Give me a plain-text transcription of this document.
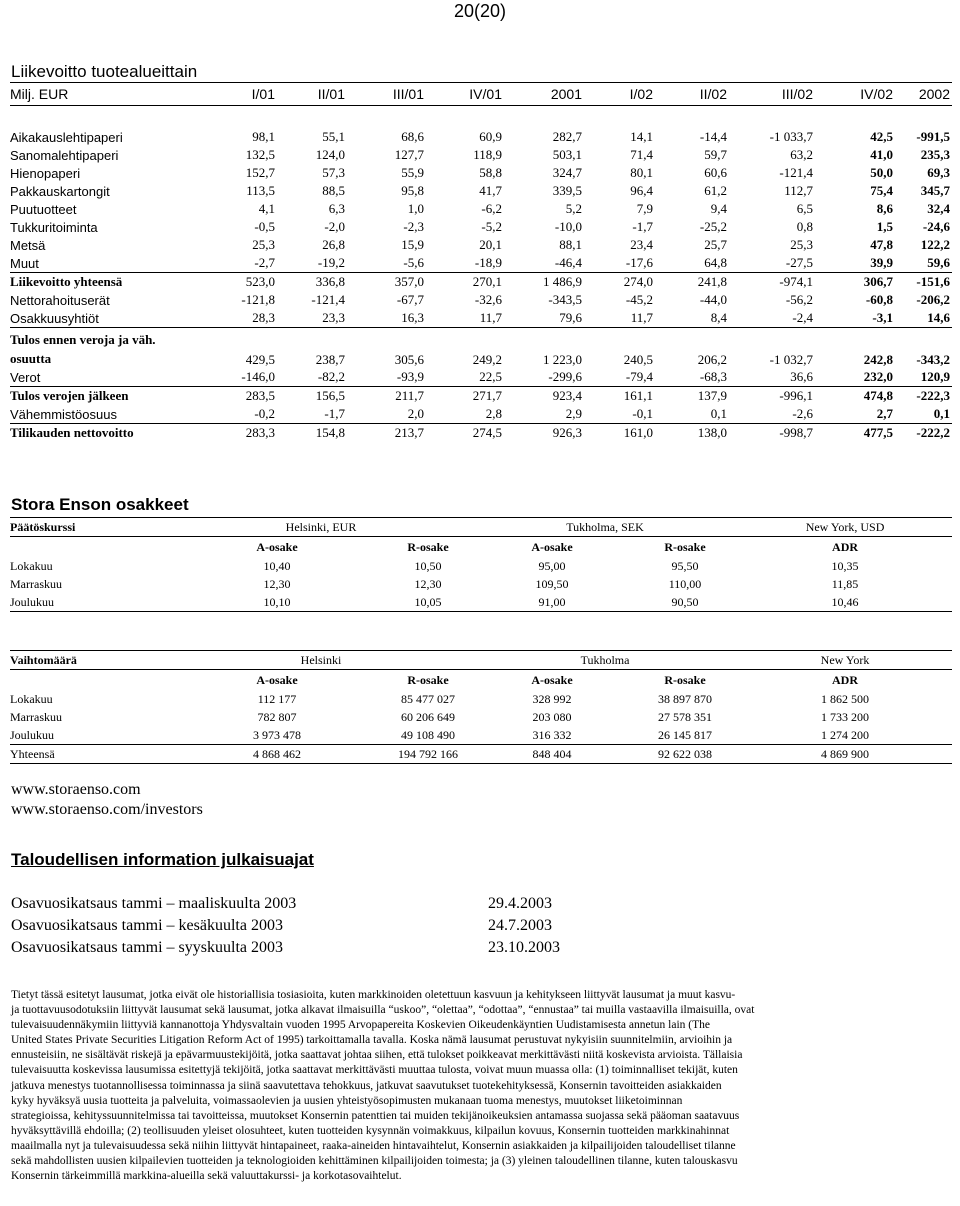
20(20)
Liikevoitto tuotealueittain
Milj. EUR	I/01	II/01	III/01	IV/01	2001	I/02	II/02	III/02	IV/02	2002

Aikakauslehtipaperi	98,1	55,1	68,6	60,9	282,7	14,1	-14,4	-1 033,7	42,5	-991,5
Sanomalehtipaperi	132,5	124,0	127,7	118,9	503,1	71,4	59,7	63,2	41,0	235,3
Hienopaperi	152,7	57,3	55,9	58,8	324,7	80,1	60,6	-121,4	50,0	69,3
Pakkauskartongit	113,5	88,5	95,8	41,7	339,5	96,4	61,2	112,7	75,4	345,7
Puutuotteet	4,1	6,3	1,0	-6,2	5,2	7,9	9,4	6,5	8,6	32,4
Tukkuritoiminta	-0,5	-2,0	-2,3	-5,2	-10,0	-1,7	-25,2	0,8	1,5	-24,6
Metsä	25,3	26,8	15,9	20,1	88,1	23,4	25,7	25,3	47,8	122,2
Muut	-2,7	-19,2	-5,6	-18,9	-46,4	-17,6	64,8	-27,5	39,9	59,6
Liikevoitto yhteensä	523,0	336,8	357,0	270,1	1 486,9	274,0	241,8	-974,1	306,7	-151,6
Nettorahoituserät	-121,8	-121,4	-67,7	-32,6	-343,5	-45,2	-44,0	-56,2	-60,8	-206,2
Osakkuusyhtiöt	28,3	23,3	16,3	11,7	79,6	11,7	8,4	-2,4	-3,1	14,6
Tulos ennen veroja ja väh. osuutta	429,5	238,7	305,6	249,2	1 223,0	240,5	206,2	-1 032,7	242,8	-343,2
Verot	-146,0	-82,2	-93,9	22,5	-299,6	-79,4	-68,3	36,6	232,0	120,9
Tulos verojen jälkeen	283,5	156,5	211,7	271,7	923,4	161,1	137,9	-996,1	474,8	-222,3
Vähemmistöosuus	-0,2	-1,7	2,0	2,8	2,9	-0,1	0,1	-2,6	2,7	0,1
Tilikauden nettovoitto	283,3	154,8	213,7	274,5	926,3	161,0	138,0	-998,7	477,5	-222,2
Stora Enson osakkeet
Päätöskurssi	Helsinki, EUR		Tukholma, SEK		New York, USD
	A-osake	R-osake	A-osake	R-osake	ADR
Lokakuu	10,40	10,50	95,00	95,50	10,35
Marraskuu	12,30	12,30	109,50	110,00	11,85
Joulukuu	10,10	10,05	91,00	90,50	10,46
Vaihtomäärä	Helsinki		Tukholma		New York
	A-osake	R-osake	A-osake	R-osake	ADR
Lokakuu	112 177	85 477 027	328 992	38 897 870	1 862 500
Marraskuu	782 807	60 206 649	203 080	27 578 351	1 733 200
Joulukuu	3 973 478	49 108 490	316 332	26 145 817	1 274 200
Yhteensä	4 868 462	194 792 166	848 404	92 622 038	4 869 900
www.storaenso.com
www.storaenso.com/investors
Taloudellisen information julkaisuajat
Osavuosikatsaus tammi – maaliskuulta 2003	29.4.2003
Osavuosikatsaus tammi – kesäkuulta 2003	24.7.2003
Osavuosikatsaus tammi – syyskuulta 2003	23.10.2003
Tietyt tässä esitetyt lausumat, jotka eivät ole historiallisia tosiasioita, kuten markkinoiden oletettuun kasvuun ja kehitykseen liittyvät lausumat ja muut kasvu-
ja tuottavuusodotuksiin liittyvät lausumat sekä lausumat, jotka alkavat ilmaisuilla “uskoo”, “olettaa”, “odottaa”, “ennustaa” tai muilla vastaavilla ilmaisuilla, ovat
tulevaisuudennäkymiin liittyviä kannanottoja Yhdysvaltain vuoden 1995 Arvopapereita Koskevien Oikeudenkäyntien Uudistamisesta annetun lain (The
United States Private Securities Litigation Reform Act of 1995) tarkoittamalla tavalla. Koska nämä lausumat perustuvat nykyisiin suunnitelmiin, arvioihin ja
ennusteisiin, ne sisältävät riskejä ja epävarmuustekijöitä, jotka saattavat johtaa siihen, että tulokset poikkeavat merkittävästi niitä koskevista arvioista. Tällaisia
tulevaisuutta koskevissa lausumissa esitettyjä tekijöitä, jotka saattavat merkittävästi muuttaa tulosta, voivat muun muassa olla: (1) toiminnalliset tekijät, kuten
jatkuva menestys tuotannollisessa toiminnassa ja siinä saavutettava tehokkuus, jatkuvat saavutukset tuotekehityksessä, Konsernin tavoitteiden asiakkaiden
kyky hyväksyä uusia tuotteita ja palveluita, voimassaolevien ja uusien yhteistyösopimusten mukanaan tuoma menestys, muutokset liiketoiminnan
strategioissa, kehityssuunnitelmissa tai tavoitteissa, muutokset Konsernin patenttien tai muiden tekijänoikeuksien antamassa suojassa sekä pääoman saatavuus
hyväksyttävillä ehdoilla; (2) teollisuuden yleiset olosuhteet, kuten tuotteiden kysynnän voimakkuus, kilpailun kovuus, Konsernin tuotteiden markkinahinnat
maailmalla nyt ja tulevaisuudessa sekä niihin liittyvät hintapaineet, raaka-aineiden hintavaihtelut, Konsernin asiakkaiden ja kilpailijoiden taloudelliset tilanne
sekä mahdollisten uusien kilpailevien tuotteiden ja teknologioiden kehittäminen kilpailijoiden toimesta; ja (3) yleinen taloudellinen tilanne, kuten talouskasvu
Konsernin tärkeimmillä markkina-alueilla sekä valuuttakurssi- ja korkotasovaihtelut.
